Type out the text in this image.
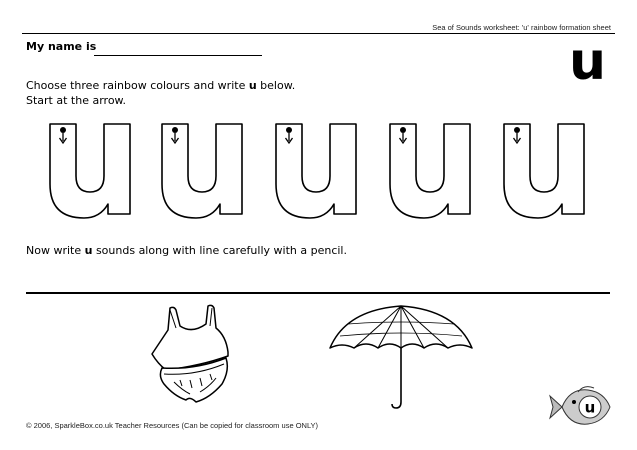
Sea of Sounds worksheet: 'u' rainbow formation sheet
My name is
Choose three rainbow colours and write u below.
Start at the arrow.
u
Now write u sounds along with line carefully with a pencil.
u
© 2006, SparkleBox.co.uk Teacher Resources (Can be copied for classroom use ONLY)
